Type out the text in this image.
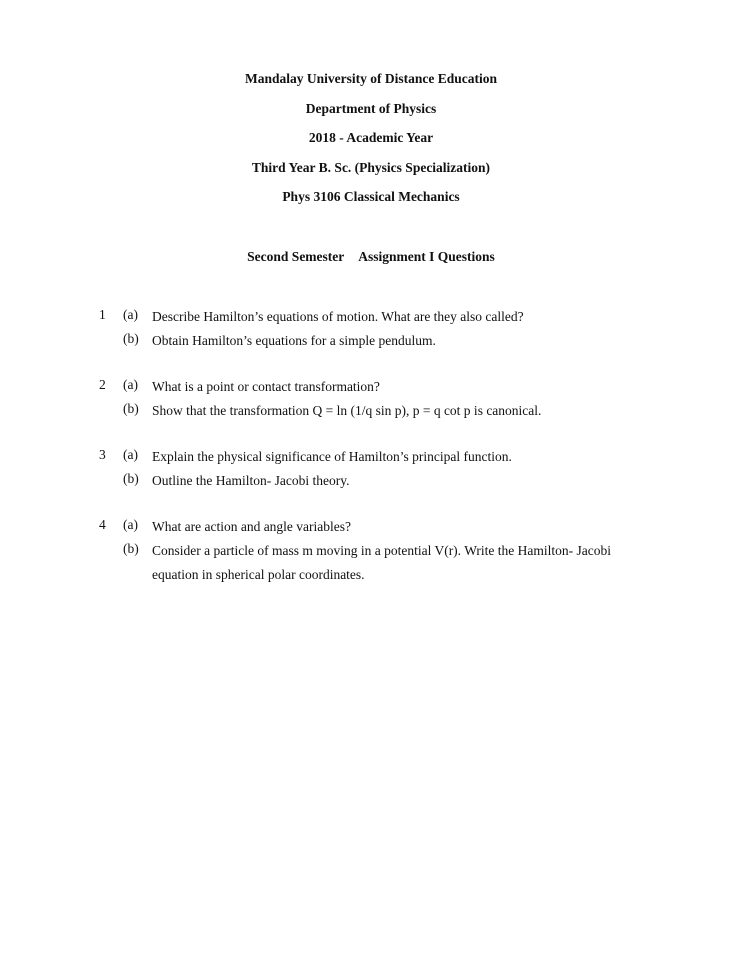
Mandalay University of Distance Education
Department of Physics
2018 - Academic Year
Third Year B. Sc. (Physics Specialization)
Phys 3106 Classical Mechanics
Second Semester Assignment I Questions
1 (a) Describe Hamilton’s equations of motion. What are they also called?
(b) Obtain Hamilton’s equations for a simple pendulum.
2 (a) What is a point or contact transformation?
(b) Show that the transformation Q = ln (1/q sin p), p = q cot p is canonical.
3 (a) Explain the physical significance of Hamilton’s principal function.
(b) Outline the Hamilton- Jacobi theory.
4 (a) What are action and angle variables?
(b) Consider a particle of mass m moving in a potential V(r). Write the Hamilton- Jacobi equation in spherical polar coordinates.
